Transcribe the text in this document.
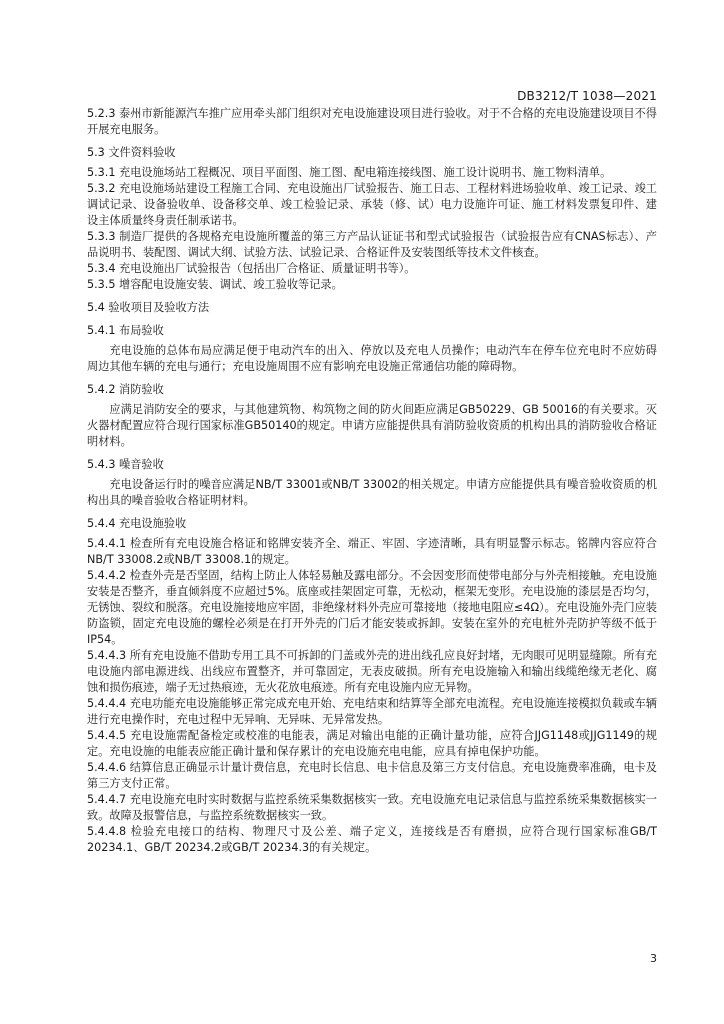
DB3212/T 1038—2021

5.2.3 泰州市新能源汽车推广应用牵头部门组织对充电设施建设项目进行验收。对于不合格的充电设施建设项目不得开展充电服务。

5.3 文件资料验收

5.3.1 充电设施场站工程概况、项目平面图、施工图、配电箱连接线图、施工设计说明书、施工物料清单。

5.3.2 充电设施场站建设工程施工合同、充电设施出厂试验报告、施工日志、工程材料进场验收单、竣工记录、竣工调试记录、设备验收单、设备移交单、竣工检验记录、承装（修、试）电力设施许可证、施工材料发票复印件、建设主体质量终身责任制承诺书。

5.3.3 制造厂提供的各规格充电设施所覆盖的第三方产品认证证书和型式试验报告（试验报告应有CNAS标志）、产品说明书、装配图、调试大纲、试验方法、试验记录、合格证件及安装图纸等技术文件核查。

5.3.4 充电设施出厂试验报告（包括出厂合格证、质量证明书等）。

5.3.5 增容配电设施安装、调试、竣工验收等记录。

5.4 验收项目及验收方法

5.4.1 布局验收

充电设施的总体布局应满足便于电动汽车的出入、停放以及充电人员操作；电动汽车在停车位充电时不应妨碍周边其他车辆的充电与通行；充电设施周围不应有影响充电设施正常通信功能的障碍物。

5.4.2 消防验收

应满足消防安全的要求，与其他建筑物、构筑物之间的防火间距应满足GB50229、GB 50016的有关要求。灭火器材配置应符合现行国家标准GB50140的规定。申请方应能提供具有消防验收资质的机构出具的消防验收合格证明材料。

5.4.3 噪音验收

充电设备运行时的噪音应满足NB/T 33001或NB/T 33002的相关规定。申请方应能提供具有噪音验收资质的机构出具的噪音验收合格证明材料。

5.4.4 充电设施验收

5.4.4.1 检查所有充电设施合格证和铭牌安装齐全、端正、牢固、字迹清晰，具有明显警示标志。铭牌内容应符合NB/T 33008.2或NB/T 33008.1的规定。

5.4.4.2 检查外壳是否坚固，结构上防止人体轻易触及露电部分。不会因变形而使带电部分与外壳相接触。充电设施安装是否整齐，垂直倾斜度不应超过5%。底座或挂架固定可靠，无松动，框架无变形。充电设施的漆层是否均匀，无锈蚀、裂纹和脱落。充电设施接地应牢固，非绝缘材料外壳应可靠接地（接地电阻应≤4Ω）。充电设施外壳门应装防盗锁，固定充电设施的螺栓必须是在打开外壳的门后才能安装或拆卸。安装在室外的充电桩外壳防护等级不低于IP54。

5.4.4.3 所有充电设施不借助专用工具不可拆卸的门盖或外壳的进出线孔应良好封堵，无肉眼可见明显缝隙。所有充电设施内部电源进线、出线应布置整齐，并可靠固定，无表皮破损。所有充电设施输入和输出线缆绝缘无老化、腐蚀和损伤痕迹，端子无过热痕迹，无火花放电痕迹。所有充电设施内应无异物。

5.4.4.4 充电功能充电设施能够正常完成充电开始、充电结束和结算等全部充电流程。充电设施连接模拟负载或车辆进行充电操作时，充电过程中无异响、无异味、无异常发热。

5.4.4.5 充电设施需配备检定或校准的电能表，满足对输出电能的正确计量功能，应符合JJG1148或JJG1149的规定。充电设施的电能表应能正确计量和保存累计的充电设施充电电能，应具有掉电保护功能。

5.4.4.6 结算信息正确显示计量计费信息，充电时长信息、电卡信息及第三方支付信息。充电设施费率准确，电卡及第三方支付正常。

5.4.4.7 充电设施充电时实时数据与监控系统采集数据核实一致。充电设施充电记录信息与监控系统采集数据核实一致。故障及报警信息，与监控系统数据核实一致。

5.4.4.8 检验充电接口的结构、物理尺寸及公差、端子定义，连接线是否有磨损，应符合现行国家标准GB/T 20234.1、GB/T 20234.2或GB/T 20234.3的有关规定。

3
